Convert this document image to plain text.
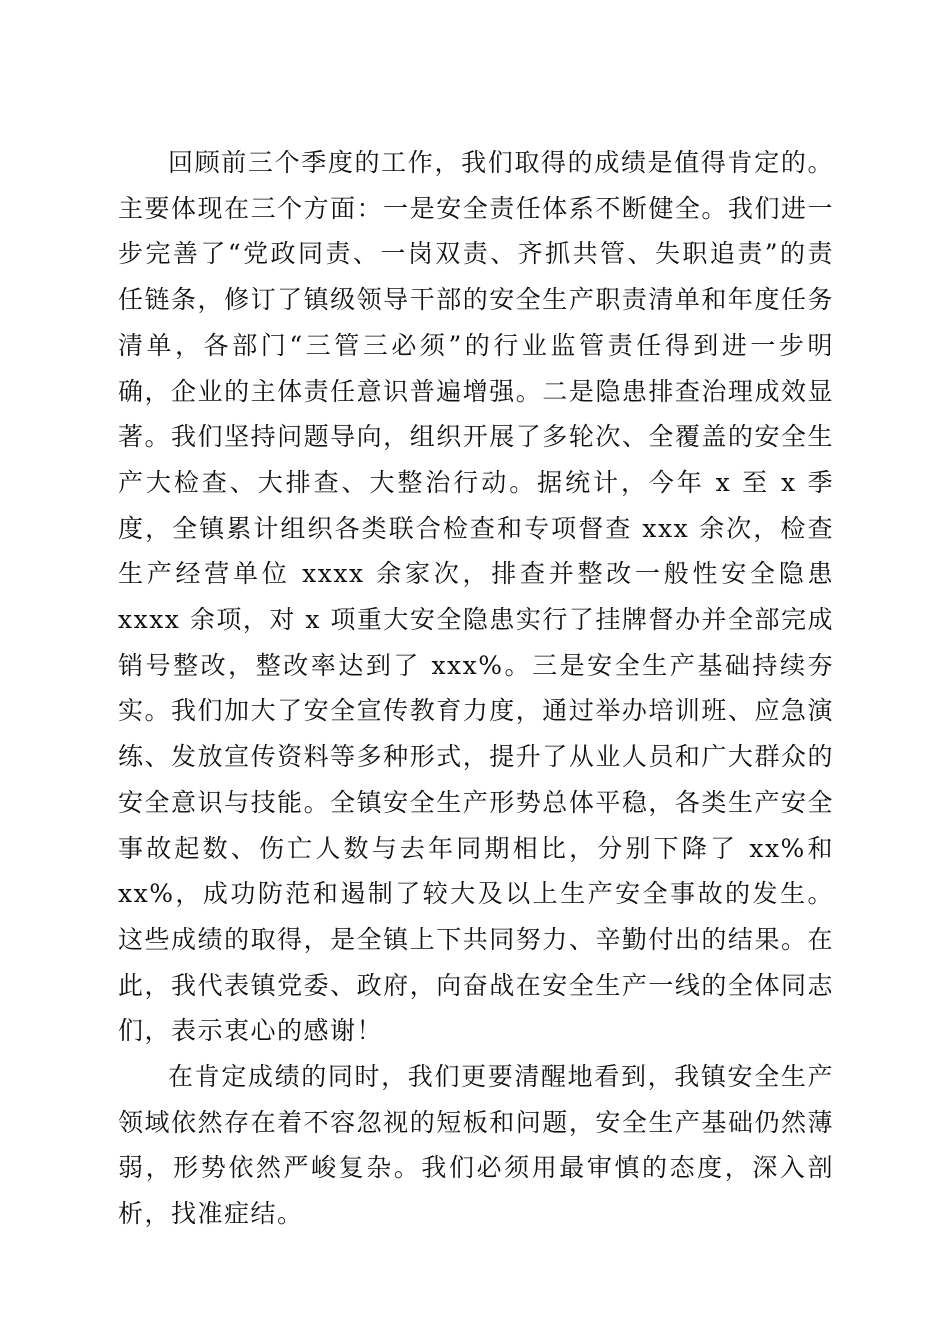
回顾前三个季度的工作，我们取得的成绩是值得肯定的。主要体现在三个方面：一是安全责任体系不断健全。我们进一步完善了“党政同责、一岗双责、齐抓共管、失职追责”的责任链条，修订了镇级领导干部的安全生产职责清单和年度任务清单，各部门“三管三必须”的行业监管责任得到进一步明确，企业的主体责任意识普遍增强。二是隐患排查治理成效显著。我们坚持问题导向，组织开展了多轮次、全覆盖的安全生产大检查、大排查、大整治行动。据统计，今年 x 至 x 季度，全镇累计组织各类联合检查和专项督查 xxx 余次，检查生产经营单位 xxxx 余家次，排查并整改一般性安全隐患 xxxx 余项，对 x 项重大安全隐患实行了挂牌督办并全部完成销号整改，整改率达到了 xxx%。三是安全生产基础持续夯实。我们加大了安全宣传教育力度，通过举办培训班、应急演练、发放宣传资料等多种形式，提升了从业人员和广大群众的安全意识与技能。全镇安全生产形势总体平稳，各类生产安全事故起数、伤亡人数与去年同期相比，分别下降了 xx%和 xx%，成功防范和遏制了较大及以上生产安全事故的发生。这些成绩的取得，是全镇上下共同努力、辛勤付出的结果。在此，我代表镇党委、政府，向奋战在安全生产一线的全体同志们，表示衷心的感谢！

在肯定成绩的同时，我们更要清醒地看到，我镇安全生产领域依然存在着不容忽视的短板和问题，安全生产基础仍然薄弱，形势依然严峻复杂。我们必须用最审慎的态度，深入剖析，找准症结。
